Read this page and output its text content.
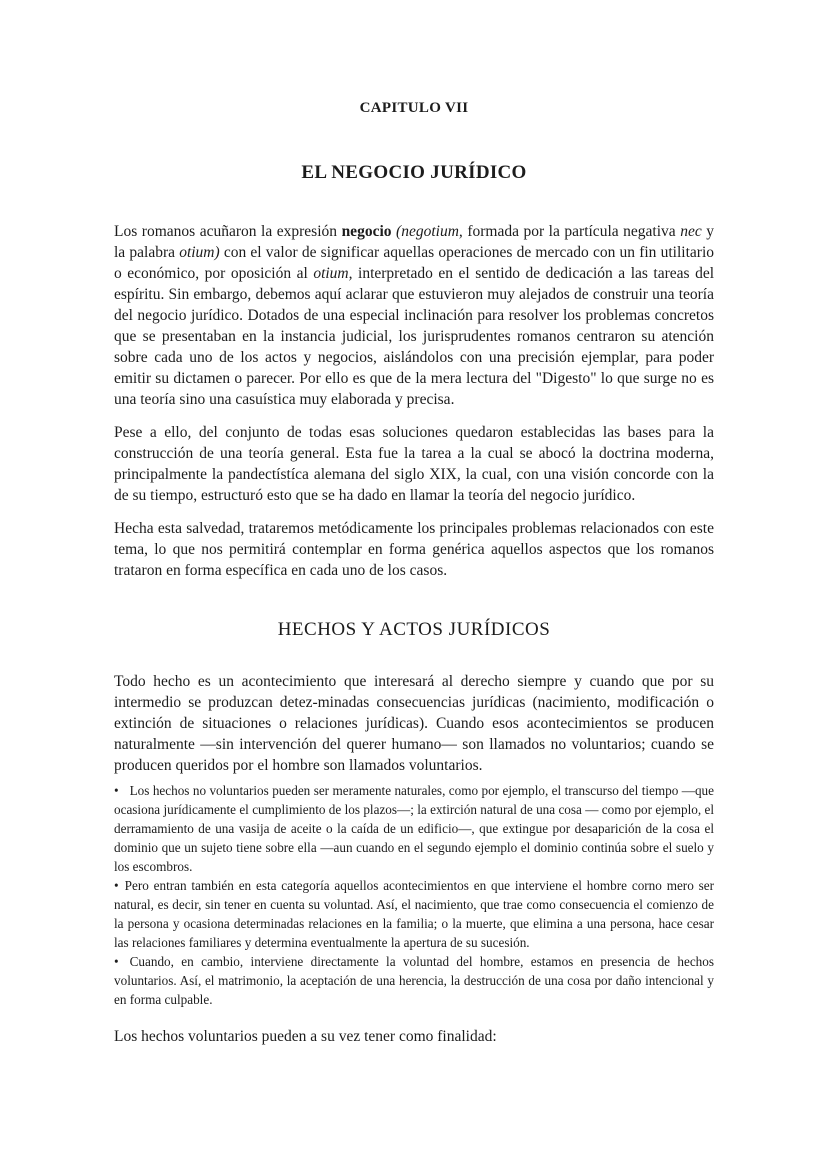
CAPITULO VII
EL NEGOCIO JURÍDICO

Los romanos acuñaron la expresión negocio (negotium, formada por la partícula negativa nec y la palabra otium) con el valor de significar aquellas operaciones de mercado con un fin utilitario o económico, por oposición al otium, interpretado en el sentido de dedicación a las tareas del espíritu. Sin embargo, debemos aquí aclarar que estuvieron muy alejados de construir una teoría del negocio jurídico. Dotados de una especial inclinación para resolver los problemas concretos que se presentaban en la instancia judicial, los jurisprudentes romanos centraron su atención sobre cada uno de los actos y negocios, aislándolos con una precisión ejemplar, para poder emitir su dictamen o parecer. Por ello es que de la mera lectura del "Digesto" lo que surge no es una teoría sino una casuística muy elaborada y precisa.

Pese a ello, del conjunto de todas esas soluciones quedaron establecidas las bases para la construcción de una teoría general. Esta fue la tarea a la cual se abocó la doctrina moderna, principalmente la pandectístíca alemana del siglo XIX, la cual, con una visión concorde con la de su tiempo, estructuró esto que se ha dado en llamar la teoría del negocio jurídico.

Hecha esta salvedad, trataremos metódicamente los principales problemas relacionados con este tema, lo que nos permitirá contemplar en forma genérica aquellos aspectos que los romanos trataron en forma específica en cada uno de los casos.

HECHOS Y ACTOS JURÍDICOS

Todo hecho es un acontecimiento que interesará al derecho siempre y cuando que por su intermedio se produzcan detez-minadas consecuencias jurídicas (nacimiento, modificación o extinción de situaciones o relaciones jurídicas). Cuando esos acontecimientos se producen naturalmente —sin intervención del querer humano— son llamados no voluntarios; cuando se producen queridos por el hombre son llamados voluntarios.

• Los hechos no voluntarios pueden ser meramente naturales, como por ejemplo, el transcurso del tiempo —que ocasiona jurídicamente el cumplimiento de los plazos—; la extirción natural de una cosa — como por ejemplo, el derramamiento de una vasija de aceite o la caída de un edificio—, que extingue por desaparición de la cosa el dominio que un sujeto tiene sobre ella —aun cuando en el segundo ejemplo el dominio continúa sobre el suelo y los escombros.

• Pero entran también en esta categoría aquellos acontecimientos en que interviene el hombre corno mero ser natural, es decir, sin tener en cuenta su voluntad. Así, el nacimiento, que trae como consecuencia el comienzo de la persona y ocasiona determinadas relaciones en la familia; o la muerte, que elimina a una persona, hace cesar las relaciones familiares y determina eventualmente la apertura de su sucesión.

• Cuando, en cambio, interviene directamente la voluntad del hombre, estamos en presencia de hechos voluntarios. Así, el matrimonio, la aceptación de una herencia, la destrucción de una cosa por daño intencional y en forma culpable.

Los hechos voluntarios pueden a su vez tener como finalidad:
